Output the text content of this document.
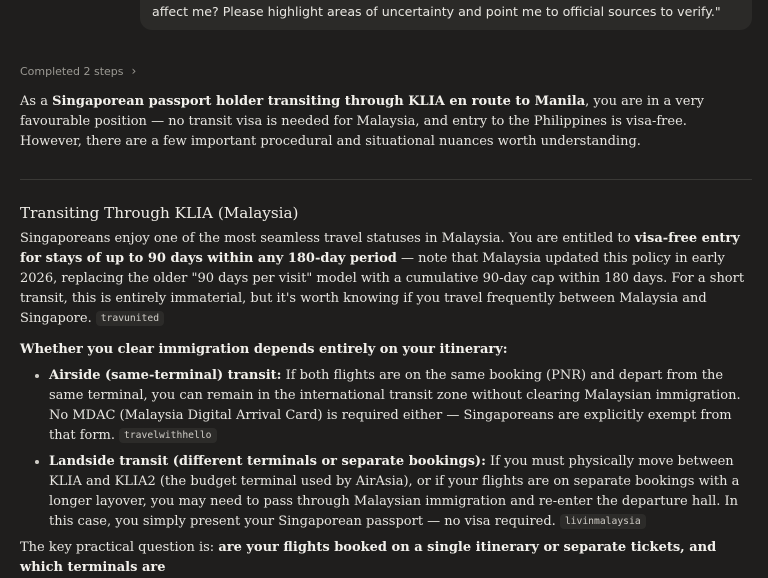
affect me? Please highlight areas of uncertainty and point me to official sources to verify."

Completed 2 steps ›

As a Singaporean passport holder transiting through KLIA en route to Manila, you are in a very favourable position — no transit visa is needed for Malaysia, and entry to the Philippines is visa-free. However, there are a few important procedural and situational nuances worth understanding.

Transiting Through KLIA (Malaysia)

Singaporeans enjoy one of the most seamless travel statuses in Malaysia. You are entitled to visa-free entry for stays of up to 90 days within any 180-day period — note that Malaysia updated this policy in early 2026, replacing the older "90 days per visit" model with a cumulative 90-day cap within 180 days. For a short transit, this is entirely immaterial, but it's worth knowing if you travel frequently between Malaysia and Singapore. travunited

Whether you clear immigration depends entirely on your itinerary:

• Airside (same-terminal) transit: If both flights are on the same booking (PNR) and depart from the same terminal, you can remain in the international transit zone without clearing Malaysian immigration. No MDAC (Malaysia Digital Arrival Card) is required either — Singaporeans are explicitly exempt from that form. travelwithhello
• Landside transit (different terminals or separate bookings): If you must physically move between KLIA and KLIA2 (the budget terminal used by AirAsia), or if your flights are on separate bookings with a longer layover, you may need to pass through Malaysian immigration and re-enter the departure hall. In this case, you simply present your Singaporean passport — no visa required. livinmalaysia

The key practical question is: are your flights booked on a single itinerary or separate tickets, and which terminals are
